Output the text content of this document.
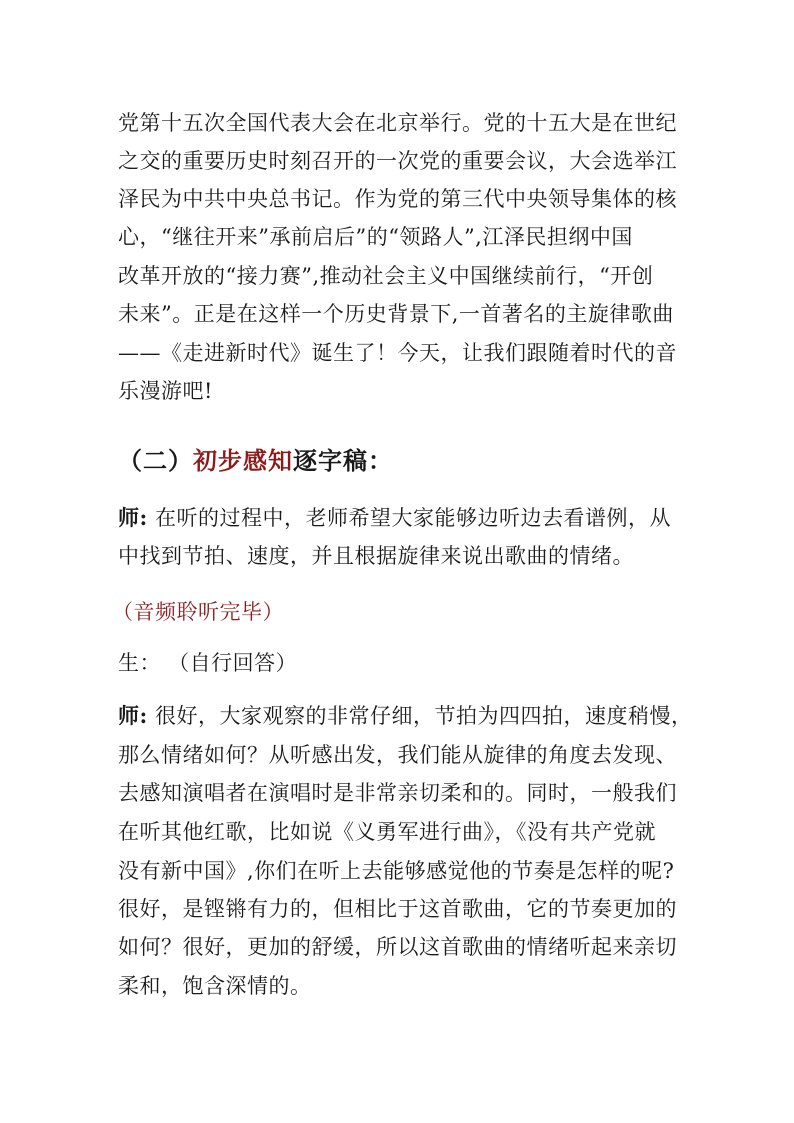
党第十五次全国代表大会在北京举行。党的十五大是在世纪
之交的重要历史时刻召开的一次党的重要会议，大会选举江
泽民为中共中央总书记。作为党的第三代中央领导集体的核
心，“继往开来”承前启后”的“领路人”,江泽民担纲中国
改革开放的“接力赛”,推动社会主义中国继续前行，“开创
未来”。正是在这样一个历史背景下,一首著名的主旋律歌曲
——《走进新时代》诞生了！今天，让我们跟随着时代的音
乐漫游吧!
（二）初步感知逐字稿：
师: 在听的过程中，老师希望大家能够边听边去看谱例，从
中找到节拍、速度，并且根据旋律来说出歌曲的情绪。
（音频聆听完毕）
生： （自行回答）
师: 很好，大家观察的非常仔细，节拍为四四拍，速度稍慢，
那么情绪如何？从听感出发，我们能从旋律的角度去发现、
去感知演唱者在演唱时是非常亲切柔和的。同时，一般我们
在听其他红歌，比如说《义勇军进行曲》，《没有共产党就
没有新中国》,你们在听上去能够感觉他的节奏是怎样的呢?
很好，是铿锵有力的，但相比于这首歌曲，它的节奏更加的
如何？很好，更加的舒缓，所以这首歌曲的情绪听起来亲切
柔和，饱含深情的。
